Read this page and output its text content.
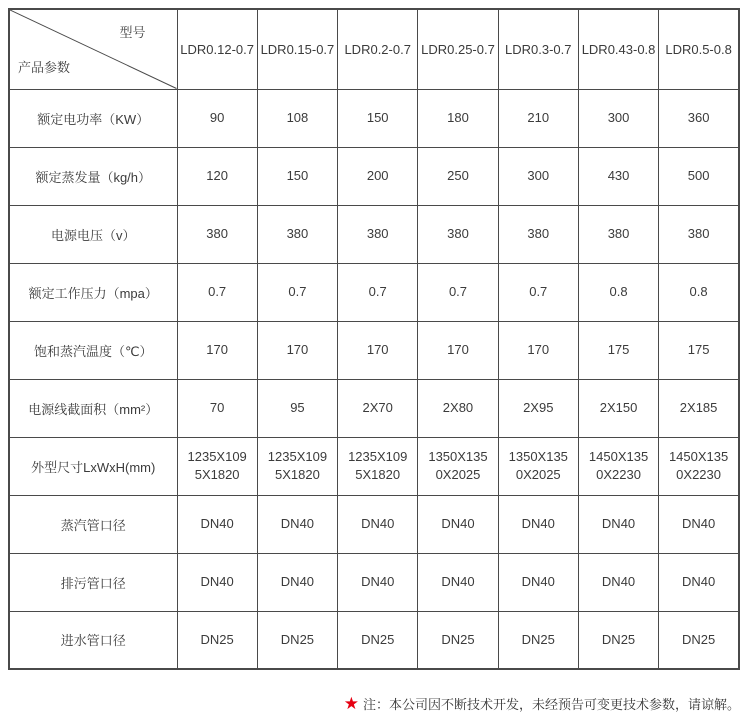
型号
产品参数	LDR0.12-0.7	LDR0.15-0.7	LDR0.2-0.7	LDR0.25-0.7	LDR0.3-0.7	LDR0.43-0.8	LDR0.5-0.8
额定电功率（KW）	90	108	150	180	210	300	360
额定蒸发量（kg/h）	120	150	200	250	300	430	500
电源电压（v）	380	380	380	380	380	380	380
额定工作压力（mpa）	0.7	0.7	0.7	0.7	0.7	0.8	0.8
饱和蒸汽温度（℃）	170	170	170	170	170	175	175
电源线截面积（mm²）	70	95	2X70	2X80	2X95	2X150	2X185
外型尺寸LxWxH(mm)	1235X1095X1820	1235X1095X1820	1235X1095X1820	1350X1350X2025	1350X1350X2025	1450X1350X2230	1450X1350X2230
蒸汽管口径	DN40	DN40	DN40	DN40	DN40	DN40	DN40
排污管口径	DN40	DN40	DN40	DN40	DN40	DN40	DN40
进水管口径	DN25	DN25	DN25	DN25	DN25	DN25	DN25
★ 注：本公司因不断技术开发，未经预告可变更技术参数，请谅解。
